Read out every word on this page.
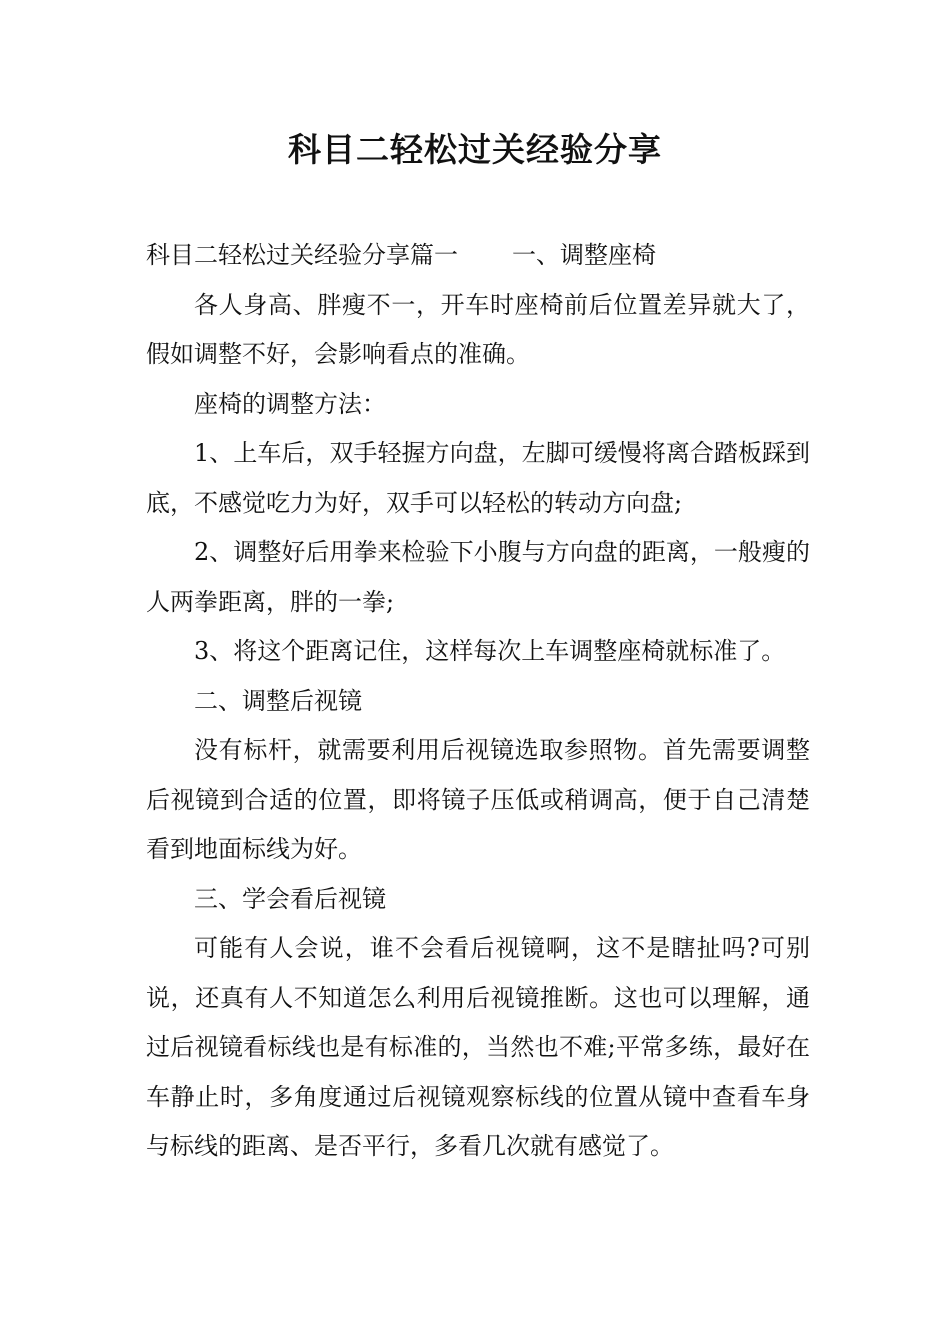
科目二轻松过关经验分享

科目二轻松过关经验分享篇一 一、调整座椅

各人身高、胖瘦不一，开车时座椅前后位置差异就大了，假如调整不好，会影响看点的准确。

座椅的调整方法：

1、上车后，双手轻握方向盘，左脚可缓慢将离合踏板踩到底，不感觉吃力为好，双手可以轻松的转动方向盘;

2、调整好后用拳来检验下小腹与方向盘的距离，一般瘦的人两拳距离，胖的一拳;

3、将这个距离记住，这样每次上车调整座椅就标准了。

二、调整后视镜

没有标杆，就需要利用后视镜选取参照物。首先需要调整后视镜到合适的位置，即将镜子压低或稍调高，便于自己清楚看到地面标线为好。

三、学会看后视镜

可能有人会说，谁不会看后视镜啊，这不是瞎扯吗?可别说，还真有人不知道怎么利用后视镜推断。这也可以理解，通过后视镜看标线也是有标准的，当然也不难;平常多练，最好在车静止时，多角度通过后视镜观察标线的位置从镜中查看车身与标线的距离、是否平行，多看几次就有感觉了。
